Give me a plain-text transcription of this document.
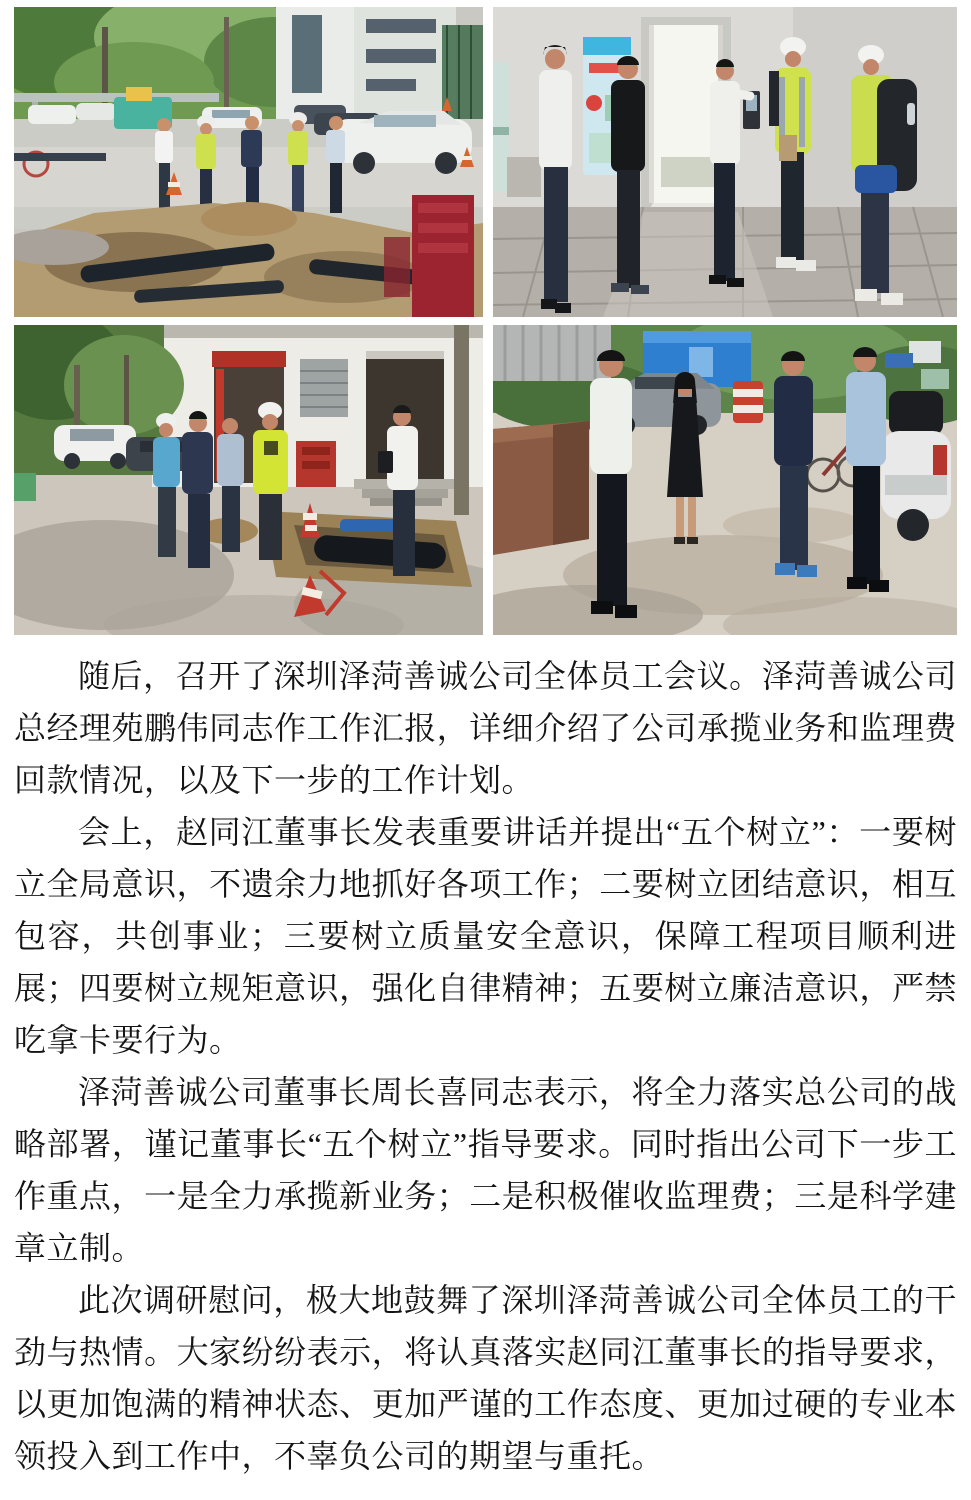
随后，召开了深圳泽菏善诚公司全体员工会议。泽菏善诚公司总经理苑鹏伟同志作工作汇报，详细介绍了公司承揽业务和监理费回款情况，以及下一步的工作计划。

会上，赵同江董事长发表重要讲话并提出“五个树立”：一要树立全局意识，不遗余力地抓好各项工作；二要树立团结意识，相互包容，共创事业；三要树立质量安全意识，保障工程项目顺利进展；四要树立规矩意识，强化自律精神；五要树立廉洁意识，严禁吃拿卡要行为。

泽菏善诚公司董事长周长喜同志表示，将全力落实总公司的战略部署，谨记董事长“五个树立”指导要求。同时指出公司下一步工作重点，一是全力承揽新业务；二是积极催收监理费；三是科学建章立制。

此次调研慰问，极大地鼓舞了深圳泽菏善诚公司全体员工的干劲与热情。大家纷纷表示，将认真落实赵同江董事长的指导要求，以更加饱满的精神状态、更加严谨的工作态度、更加过硬的专业本领投入到工作中，不辜负公司的期望与重托。
